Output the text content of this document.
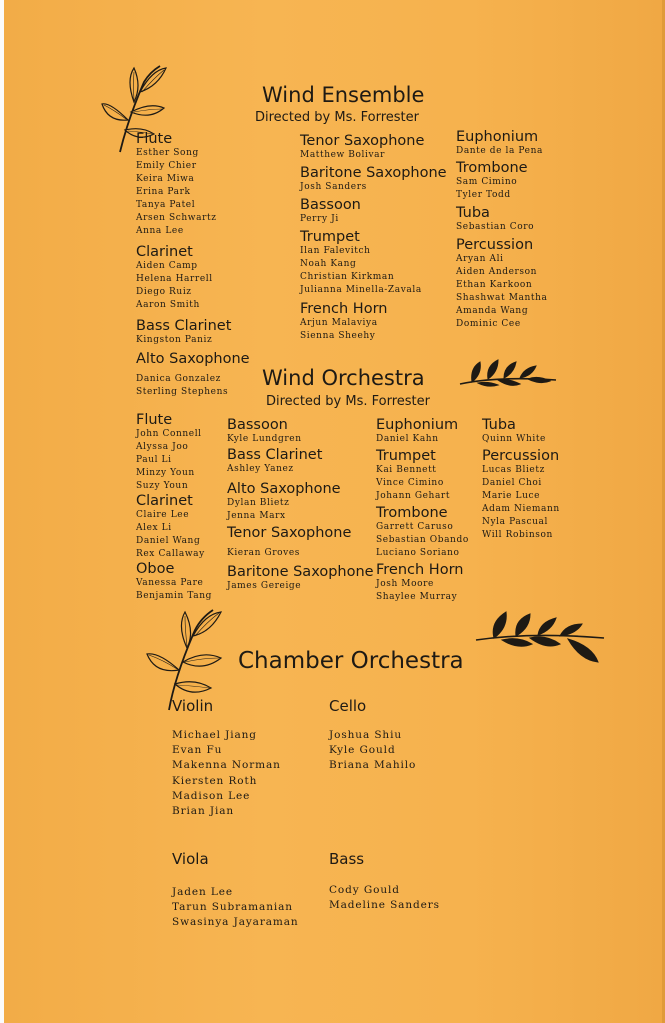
Wind Ensemble
Directed by Ms. Forrester
Flute
Esther Song
Emily Chier
Keira Miwa
Erina Park
Tanya Patel
Arsen Schwartz
Anna Lee
Clarinet
Aiden Camp
Helena Harrell
Diego Ruiz
Aaron Smith
Bass Clarinet
Kingston Paniz
Alto Saxophone
Danica Gonzalez
Sterling Stephens
Tenor Saxophone
Matthew Bolivar
Baritone Saxophone
Josh Sanders
Bassoon
Perry Ji
Trumpet
Ilan Falevitch
Noah Kang
Christian Kirkman
Julianna Minella-Zavala
French Horn
Arjun Malaviya
Sienna Sheehy
Euphonium
Dante de la Pena
Trombone
Sam Cimino
Tyler Todd
Tuba
Sebastian Coro
Percussion
Aryan Ali
Aiden Anderson
Ethan Karkoon
Shashwat Mantha
Amanda Wang
Dominic Cee
Wind Orchestra
Directed by Ms. Forrester
Flute
John Connell
Alyssa Joo
Paul Li
Minzy Youn
Suzy Youn
Clarinet
Claire Lee
Alex Li
Daniel Wang
Rex Callaway
Oboe
Vanessa Pare
Benjamin Tang
Bassoon
Kyle Lundgren
Bass Clarinet
Ashley Yanez
Alto Saxophone
Dylan Blietz
Jenna Marx
Tenor Saxophone
Kieran Groves
Baritone Saxophone
James Gereige
Euphonium
Daniel Kahn
Trumpet
Kai Bennett
Vince Cimino
Johann Gehart
Trombone
Garrett Caruso
Sebastian Obando
Luciano Soriano
French Horn
Josh Moore
Shaylee Murray
Tuba
Quinn White
Percussion
Lucas Blietz
Daniel Choi
Marie Luce
Adam Niemann
Nyla Pascual
Will Robinson
Chamber Orchestra
Violin
Michael Jiang
Evan Fu
Makenna Norman
Kiersten Roth
Madison Lee
Brian Jian
Cello
Joshua Shiu
Kyle Gould
Briana Mahilo
Viola
Jaden Lee
Tarun Subramanian
Swasinya Jayaraman
Bass
Cody Gould
Madeline Sanders
